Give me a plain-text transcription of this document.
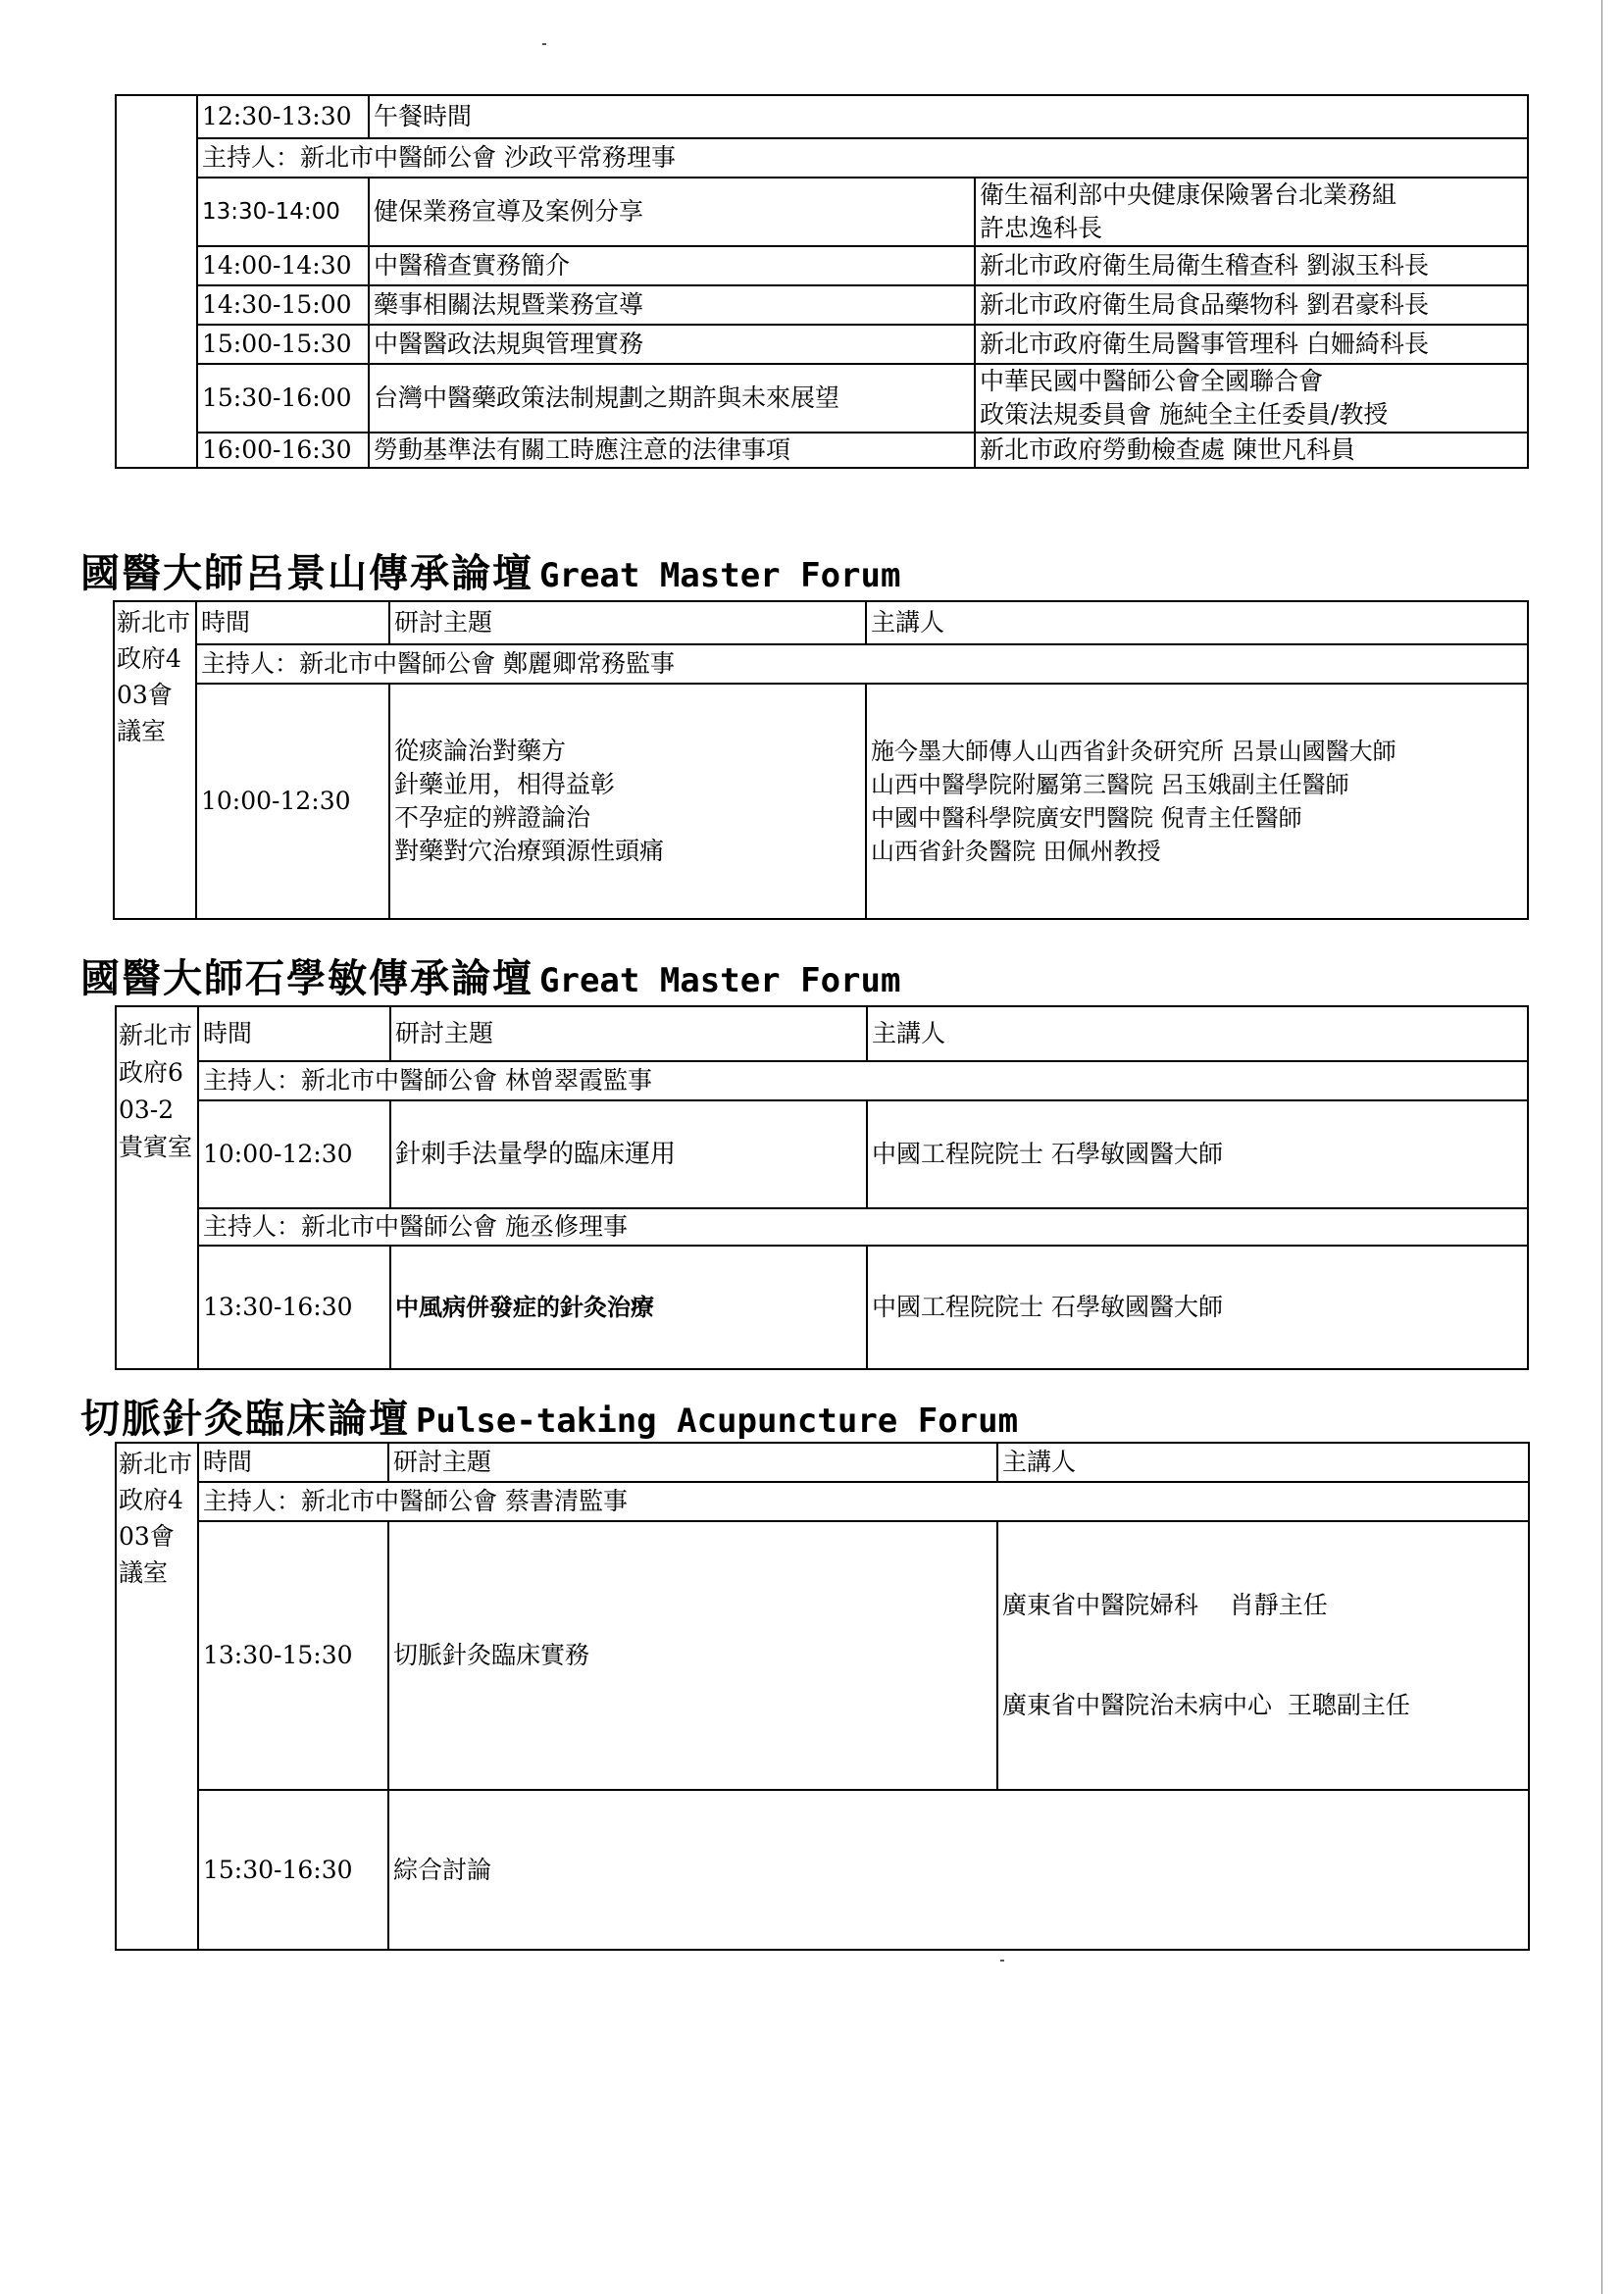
	12:30-13:30	午餐時間	
	主持人：新北市中醫師公會 沙政平常務理事		
	13:30-14:00	健保業務宣導及案例分享	衛生福利部中央健康保險署台北業務組
許忠逸科長

	14:00-14:30	中醫稽查實務簡介	新北市政府衛生局衛生稽查科 劉淑玉科長
	14:30-15:00	藥事相關法規暨業務宣導	新北市政府衛生局食品藥物科 劉君豪科長
	15:00-15:30	中醫醫政法規與管理實務	新北市政府衛生局醫事管理科 白姍綺科長
	15:30-16:00	台灣中醫藥政策法制規劃之期許與未來展望	中華民國中醫師公會全國聯合會
政策法規委員會 施純全主任委員/教授

	16:00-16:30	勞動基準法有關工時應注意的法律事項	新北市政府勞動檢查處 陳世凡科員
國醫大師呂景山傳承論壇 Great Master Forum
新北市政府403會議室	時間	研討主題	主講人
	主持人：新北市中醫師公會 鄭麗卿常務監事		
	10:00-12:30	從痰論治對藥方
針藥並用，相得益彰
不孕症的辨證論治
對藥對穴治療頸源性頭痛	施今墨大師傳人山西省針灸研究所 呂景山國醫大師
山西中醫學院附屬第三醫院 呂玉娥副主任醫師
中國中醫科學院廣安門醫院 倪青主任醫師
山西省針灸醫院 田佩州教授
國醫大師石學敏傳承論壇 Great Master Forum
新北市政府603-2貴賓室	時間	研討主題	主講人
	主持人：新北市中醫師公會 林曾翠霞監事		
	10:00-12:30	針刺手法量學的臨床運用	中國工程院院士 石學敏國醫大師
	主持人：新北市中醫師公會 施丞修理事		
	13:30-16:30	中風病併發症的針灸治療	中國工程院院士 石學敏國醫大師
切脈針灸臨床論壇 Pulse-taking Acupuncture Forum
新北市政府403會議室	時間	研討主題	主講人
	主持人：新北市中醫師公會 蔡書清監事		
	13:30-15:30	切脈針灸臨床實務	廣東省中醫院婦科    肖靜主任

廣東省中醫院治未病中心  王聰副主任

	15:30-16:30	綜合討論	
